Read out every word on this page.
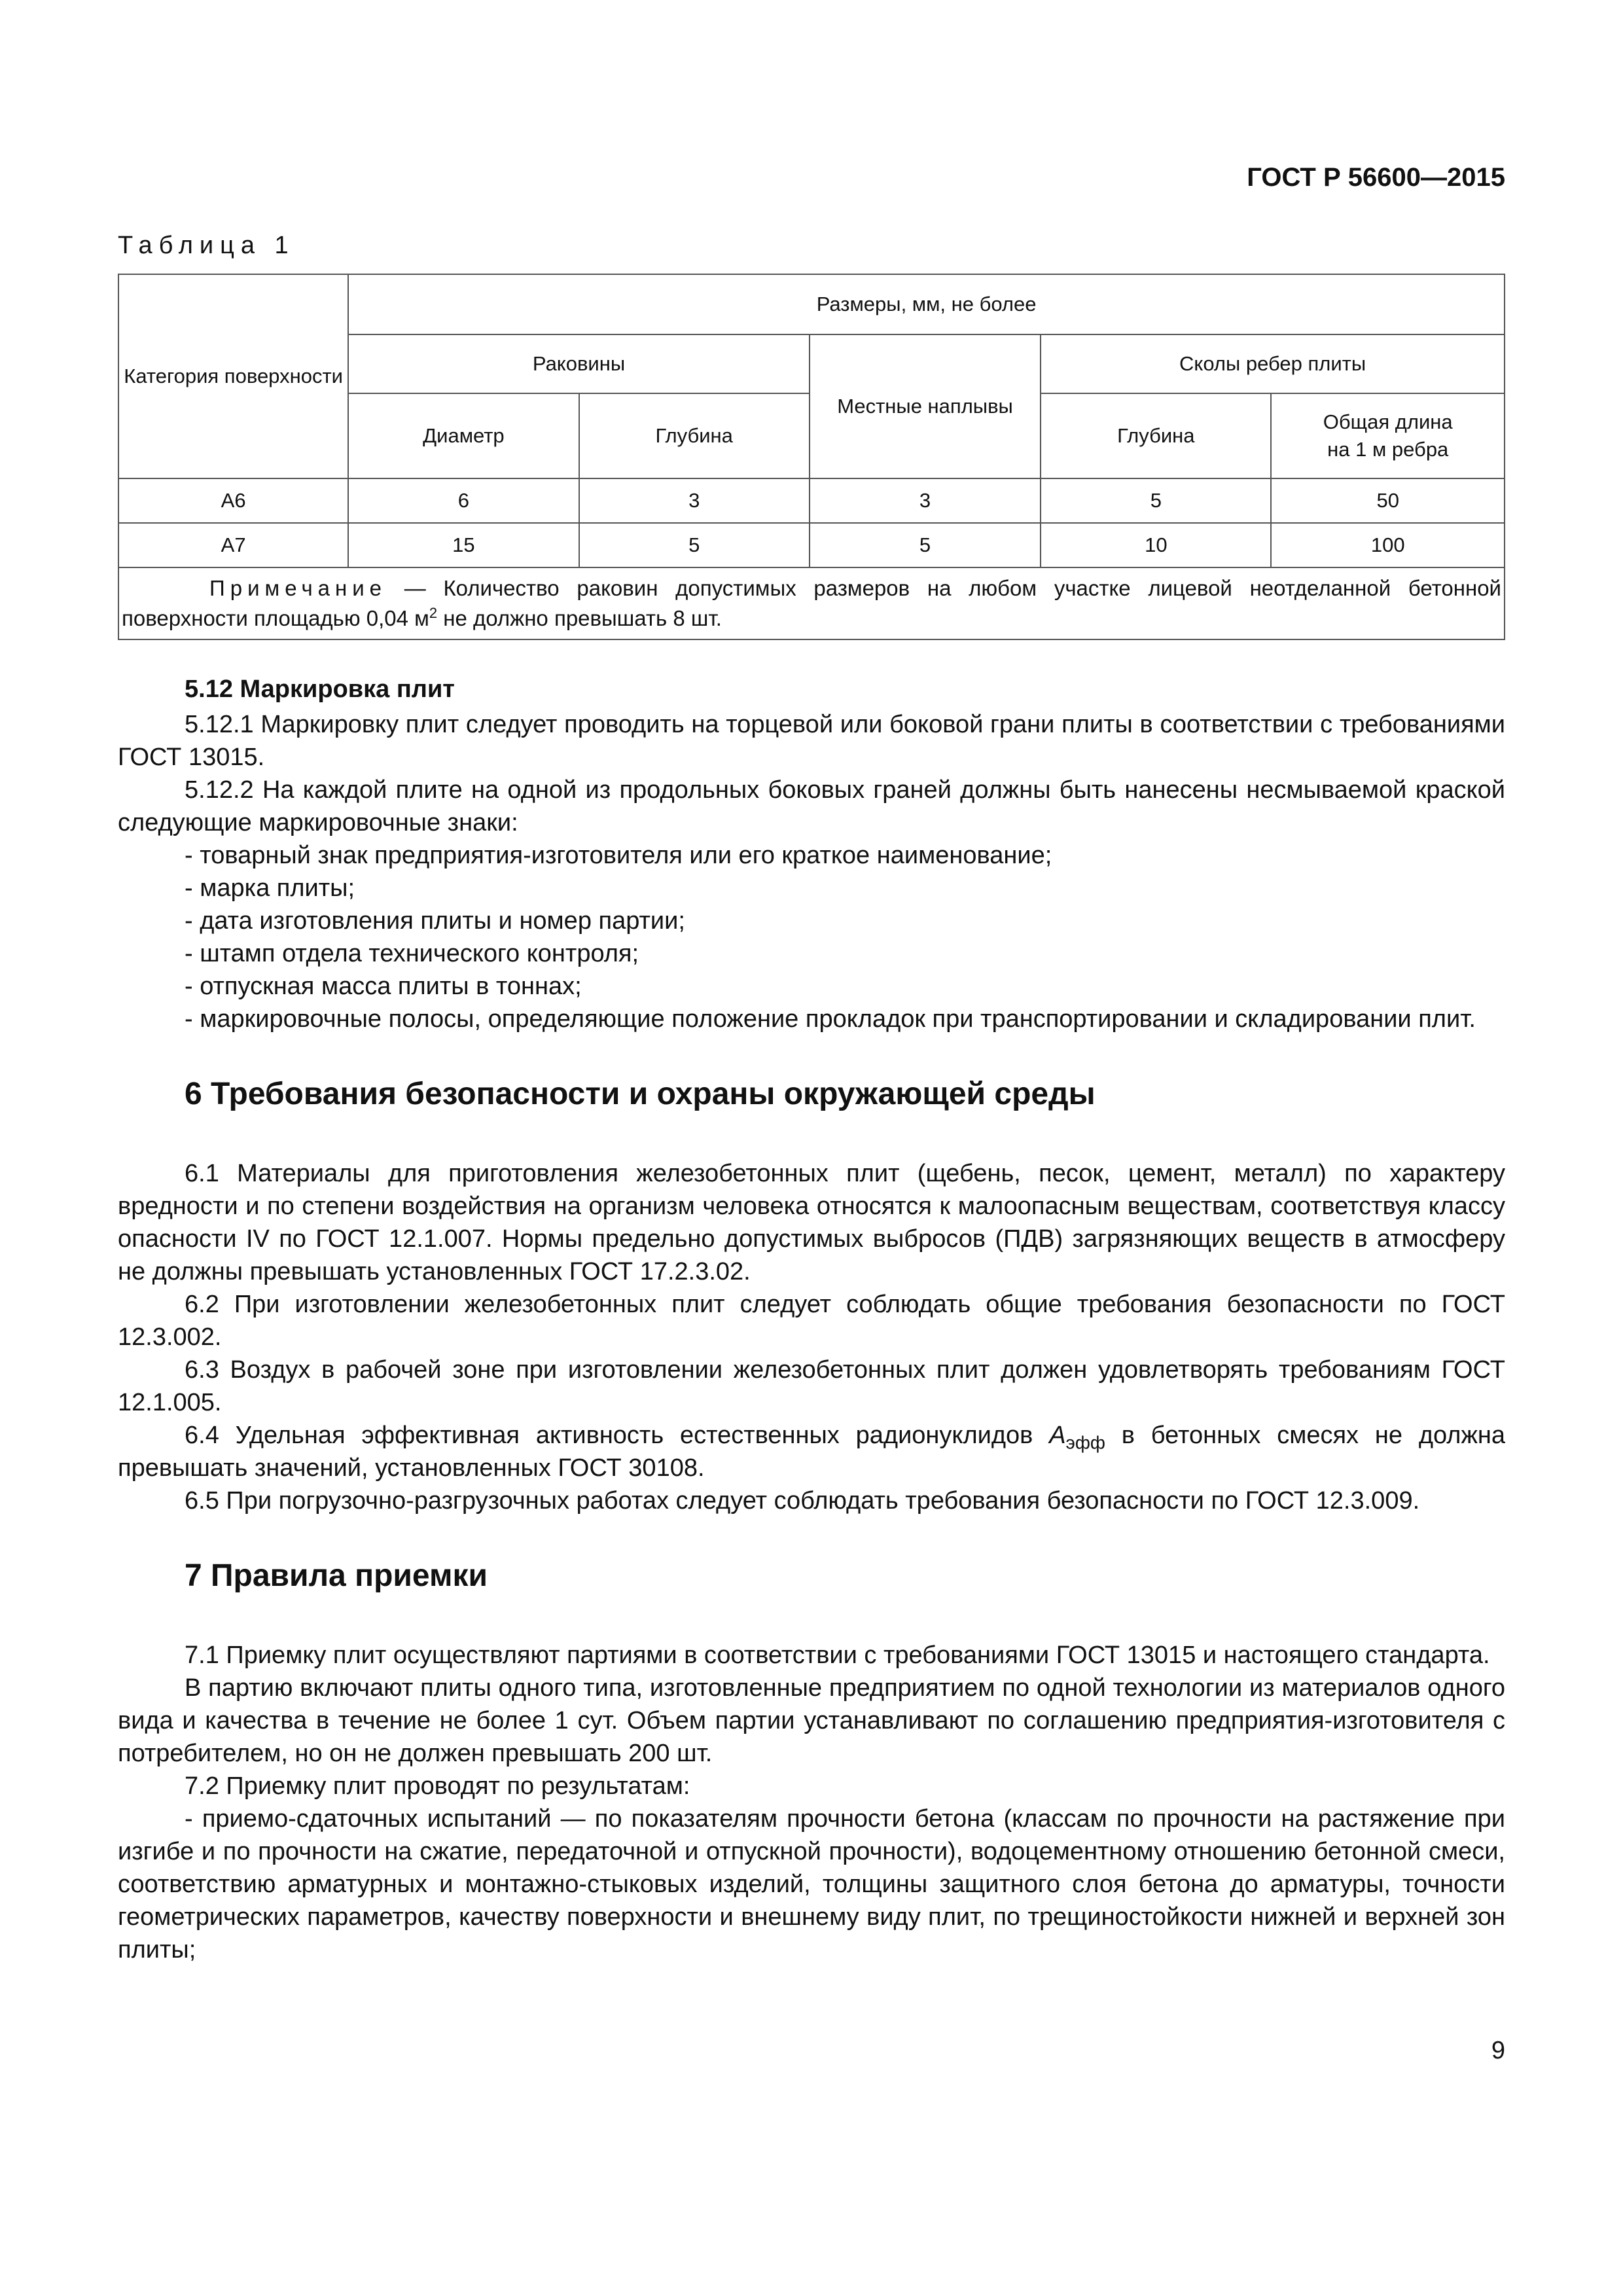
ГОСТ Р 56600—2015
Таблица 1
Категория поверхности	Размеры, мм, не более				
	Раковины		Местные наплывы	Сколы ребер плиты	
	Диаметр	Глубина		Глубина	Общая длина
на 1 м ребра
А6	6	3	3	5	50
А7	15	5	5	10	100
Примечание — Количество раковин допустимых размеров на любом участке лицевой неотделанной бетонной поверхности площадью 0,04 $м^2$ не должно превышать 8 шт.					
5.12 Маркировка плит

5.12.1 Маркировку плит следует проводить на торцевой или боковой грани плиты в соответствии с требованиями ГОСТ 13015.

5.12.2 На каждой плите на одной из продольных боковых граней должны быть нанесены несмываемой краской следующие маркировочные знаки:

- товарный знак предприятия-изготовителя или его краткое наименование;

- марка плиты;

- дата изготовления плиты и номер партии;

- штамп отдела технического контроля;

- отпускная масса плиты в тоннах;

- маркировочные полосы, определяющие положение прокладок при транспортировании и складировании плит.

6 Требования безопасности и охраны окружающей среды

6.1 Материалы для приготовления железобетонных плит (щебень, песок, цемент, металл) по характеру вредности и по степени воздействия на организм человека относятся к малоопасным веществам, соответствуя классу опасности IV по ГОСТ 12.1.007. Нормы предельно допустимых выбросов (ПДВ) загрязняющих веществ в атмосферу не должны превышать установленных ГОСТ 17.2.3.02.

6.2 При изготовлении железобетонных плит следует соблюдать общие требования безопасности по ГОСТ 12.3.002.

6.3 Воздух в рабочей зоне при изготовлении железобетонных плит должен удовлетворять требованиям ГОСТ 12.1.005.

6.4 Удельная эффективная активность естественных радионуклидов $А_{эфф}$ в бетонных смесях не должна превышать значений, установленных ГОСТ 30108.

6.5 При погрузочно-разгрузочных работах следует соблюдать требования безопасности по ГОСТ 12.3.009.

7 Правила приемки

7.1 Приемку плит осуществляют партиями в соответствии с требованиями ГОСТ 13015 и настоящего стандарта.

В партию включают плиты одного типа, изготовленные предприятием по одной технологии из материалов одного вида и качества в течение не более 1 сут. Объем партии устанавливают по соглашению предприятия-изготовителя с потребителем, но он не должен превышать 200 шт.

7.2 Приемку плит проводят по результатам:

- приемо-сдаточных испытаний — по показателям прочности бетона (классам по прочности на растяжение при изгибе и по прочности на сжатие, передаточной и отпускной прочности), водоцементному отношению бетонной смеси, соответствию арматурных и монтажно-стыковых изделий, толщины защитного слоя бетона до арматуры, точности геометрических параметров, качеству поверхности и внешнему виду плит, по трещиностойкости нижней и верхней зон плиты;

9
